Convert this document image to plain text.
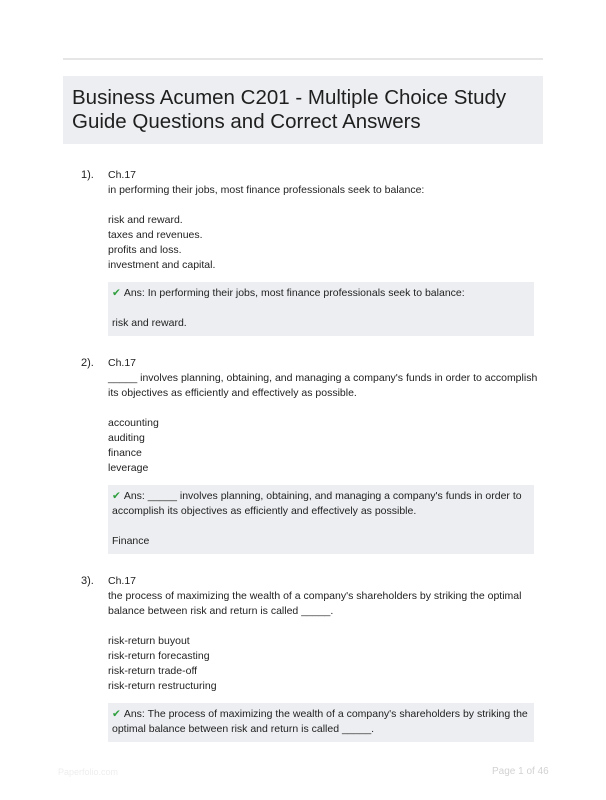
Business Acumen C201 - Multiple Choice Study
Guide Questions and Correct Answers
1). Ch.17
in performing their jobs, most finance professionals seek to balance:
risk and reward.
taxes and revenues.
profits and loss.
investment and capital.
✔ Ans: In performing their jobs, most finance professionals seek to balance:
risk and reward.
2). Ch.17
_____ involves planning, obtaining, and managing a company's funds in order to accomplish its objectives as efficiently and effectively as possible.
accounting
auditing
finance
leverage
✔ Ans: _____ involves planning, obtaining, and managing a company's funds in order to accomplish its objectives as efficiently and effectively as possible.
Finance
3). Ch.17
the process of maximizing the wealth of a company's shareholders by striking the optimal balance between risk and return is called _____.
risk-return buyout
risk-return forecasting
risk-return trade-off
risk-return restructuring
✔ Ans: The process of maximizing the wealth of a company's shareholders by striking the optimal balance between risk and return is called _____.
Paperfolio.com	Page 1 of 46
